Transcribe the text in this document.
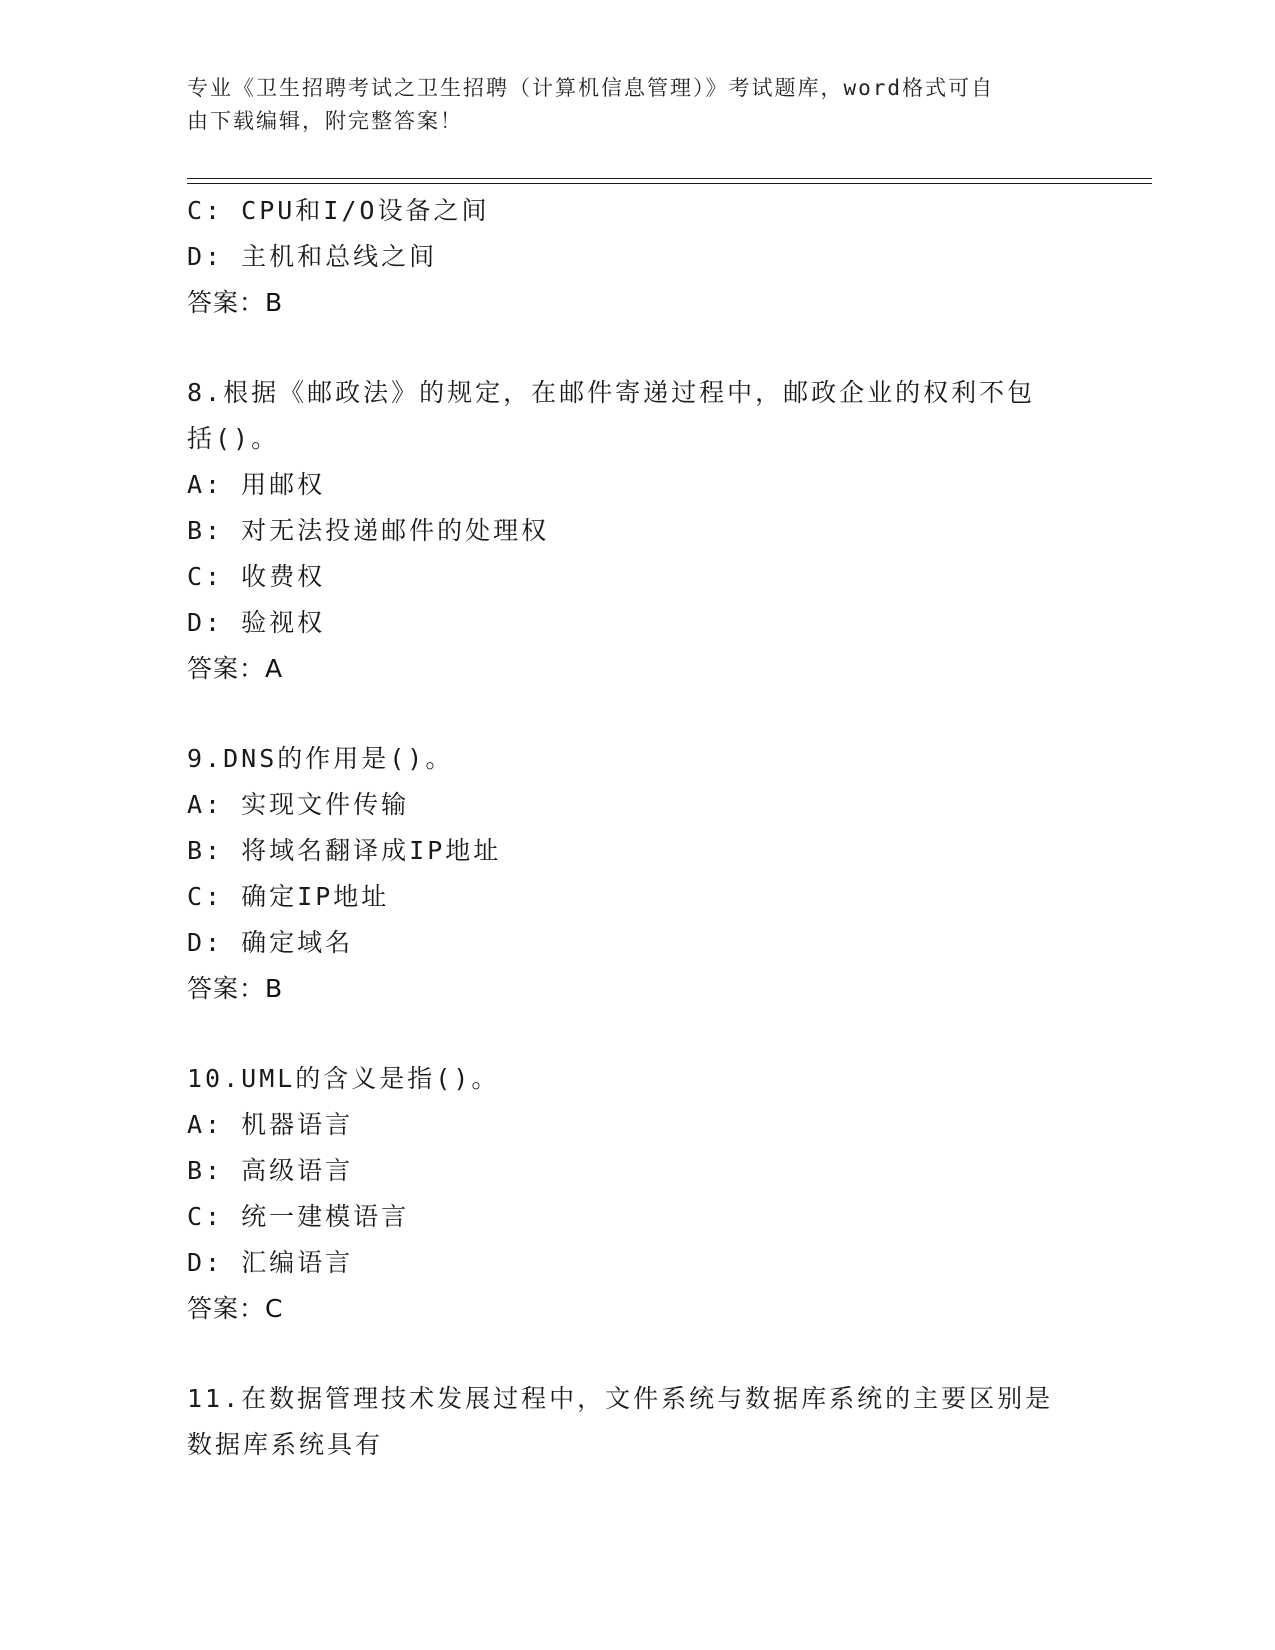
专业《卫生招聘考试之卫生招聘（计算机信息管理）》考试题库，word格式可自
由下载编辑，附完整答案！
C: CPU和I/O设备之间
D: 主机和总线之间
答案：B
8.根据《邮政法》的规定，在邮件寄递过程中，邮政企业的权利不包
括()。
A: 用邮权
B: 对无法投递邮件的处理权
C: 收费权
D: 验视权
答案：A
9.DNS的作用是()。
A: 实现文件传输
B: 将域名翻译成IP地址
C: 确定IP地址
D: 确定域名
答案：B
10.UML的含义是指()。
A: 机器语言
B: 高级语言
C: 统一建模语言
D: 汇编语言
答案：C
11.在数据管理技术发展过程中，文件系统与数据库系统的主要区别是
数据库系统具有
